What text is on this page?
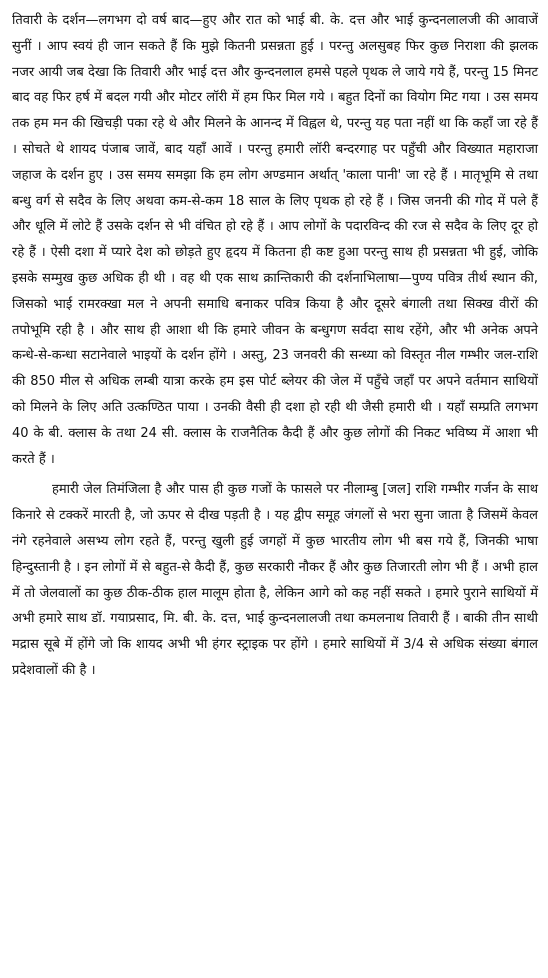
तिवारी के दर्शन—लगभग दो वर्ष बाद—हुए और रात को भाई बी. के. दत्त और भाई कुन्दनलालजी की आवाजें सुनीं । आप स्वयं ही जान सकते हैं कि मुझे कितनी प्रसन्नता हुई । परन्तु अलसुबह फिर कुछ निराशा की झलक नजर आयी जब देखा कि तिवारी और भाई दत्त और कुन्दनलाल हमसे पहले पृथक ले जाये गये हैं, परन्तु 15 मिनट बाद वह फिर हर्ष में बदल गयी और मोटर लॉरी में हम फिर मिल गये । बहुत दिनों का वियोग मिट गया । उस समय तक हम मन की खिचड़ी पका रहे थे और मिलने के आनन्द में विह्वल थे, परन्तु यह पता नहीं था कि कहाँ जा रहे हैं । सोचते थे शायद पंजाब जावें, बाद यहाँ आवें । परन्तु हमारी लॉरी बन्दरगाह पर पहुँची और विख्यात महाराजा जहाज के दर्शन हुए । उस समय समझा कि हम लोग अण्डमान अर्थात् 'काला पानी' जा रहे हैं । मातृभूमि से तथा बन्धु वर्ग से सदैव के लिए अथवा कम-से-कम 18 साल के लिए पृथक हो रहे हैं । जिस जननी की गोद में पले हैं और धूलि में लोटे हैं उसके दर्शन से भी वंचित हो रहे हैं । आप लोगों के पदारविन्द की रज से सदैव के लिए दूर हो रहे हैं । ऐसी दशा में प्यारे देश को छोड़ते हुए हृदय में कितना ही कष्ट हुआ परन्तु साथ ही प्रसन्नता भी हुई, जोकि इसके सम्मुख कुछ अधिक ही थी । वह थी एक साथ क्रान्तिकारी की दर्शनाभिलाषा—पुण्य पवित्र तीर्थ स्थान की, जिसको भाई रामरक्खा मल ने अपनी समाधि बनाकर पवित्र किया है और दूसरे बंगाली तथा सिक्ख वीरों की तपोभूमि रही है । और साथ ही आशा थी कि हमारे जीवन के बन्धुगण सर्वदा साथ रहेंगे, और भी अनेक अपने कन्धे-से-कन्धा सटानेवाले भाइयों के दर्शन होंगे । अस्तु, 23 जनवरी की सन्ध्या को विस्तृत नील गम्भीर जल-राशि की 850 मील से अधिक लम्बी यात्रा करके हम इस पोर्ट ब्लेयर की जेल में पहुँचे जहाँ पर अपने वर्तमान साथियों को मिलने के लिए अति उत्कण्ठित पाया । उनकी वैसी ही दशा हो रही थी जैसी हमारी थी । यहाँ सम्प्रति लगभग 40 के बी. क्लास के तथा 24 सी. क्लास के राजनैतिक कैदी हैं और कुछ लोगों की निकट भविष्य में आशा भी करते हैं ।

हमारी जेल तिमंजिला है और पास ही कुछ गजों के फासले पर नीलाम्बु [जल] राशि गम्भीर गर्जन के साथ किनारे से टक्करें मारती है, जो ऊपर से दीख पड़ती है । यह द्वीप समूह जंगलों से भरा सुना जाता है जिसमें केवल नंगे रहनेवाले असभ्य लोग रहते हैं, परन्तु खुली हुई जगहों में कुछ भारतीय लोग भी बस गये हैं, जिनकी भाषा हिन्दुस्तानी है । इन लोगों में से बहुत-से कैदी हैं, कुछ सरकारी नौकर हैं और कुछ तिजारती लोग भी हैं । अभी हाल में तो जेलवालों का कुछ ठीक-ठीक हाल मालूम होता है, लेकिन आगे को कह नहीं सकते । हमारे पुराने साथियों में अभी हमारे साथ डॉ. गयाप्रसाद, मि. बी. के. दत्त, भाई कुन्दनलालजी तथा कमलनाथ तिवारी हैं । बाकी तीन साथी मद्रास सूबे में होंगे जो कि शायद अभी भी हंगर स्ट्राइक पर होंगे । हमारे साथियों में 3/4 से अधिक संख्या बंगाल प्रदेशवालों की है ।
